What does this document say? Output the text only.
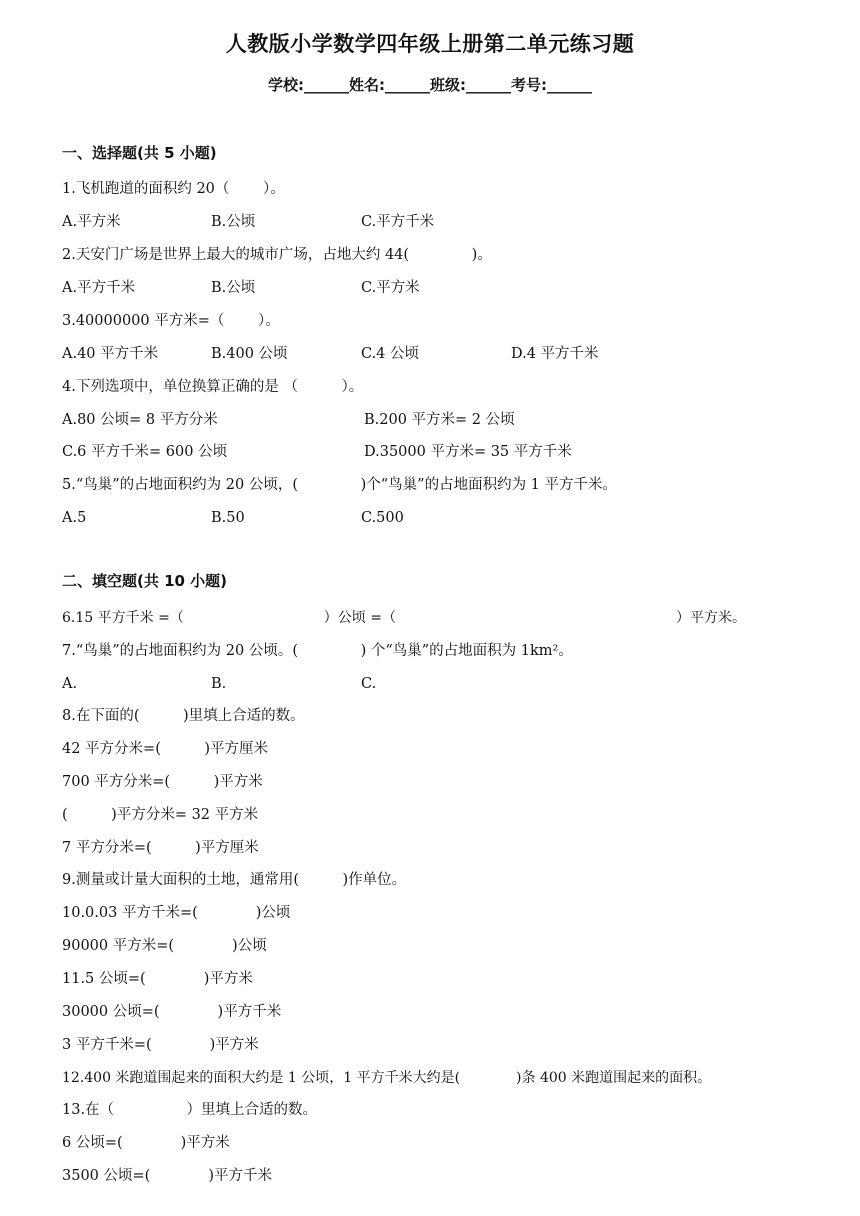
人教版小学数学四年级上册第二单元练习题
学校:______姓名:______班级:______考号:______
一、选择题(共 5 小题)
1.飞机跑道的面积约 20（　　 ）。
A.平方米	B.公顷	C.平方千米
2.天安门广场是世界上最大的城市广场，占地大约 44(　　　　 )。
A.平方千米	B.公顷	C.平方米
3.40000000 平方米=（　　 ）。
A.40 平方千米	B.400 公顷	C.4 公顷	D.4 平方千米
4.下列选项中，单位换算正确的是 （　　　）。
A.80 公顷= 8 平方分米	B.200 平方米= 2 公顷
C.6 平方千米= 600 公顷	D.35000 平方米= 35 平方千米
5.“鸟巢”的占地面积约为 20 公顷，(　　　　 )个“鸟巢”的占地面积约为 1 平方千米。
A.5	B.50	C.500
二、填空题(共 10 小题)
6.15 平方千米 =（　　　　　　　　　　）公顷 =（　　　　　　　　　　　　　　　　　　　　）平方米。
7.“鸟巢”的占地面积约为 20 公顷。(　　　　 ) 个“鸟巢”的占地面积为 1km²。
A.	B.	C.
8.在下面的(　　　)里填上合适的数。
42 平方分米=(　　　)平方厘米
700 平方分米=(　　　)平方米
(　　　)平方分米= 32 平方米
7 平方分米=(　　　)平方厘米
9.测量或计量大面积的土地，通常用(　　　)作单位。
10.0.03 平方千米=(　　　　)公顷
90000 平方米=(　　　　)公顷
11.5 公顷=(　　　　)平方米
30000 公顷=(　　　　)平方千米
3 平方千米=(　　　　)平方米
12.400 米跑道围起来的面积大约是 1 公顷，1 平方千米大约是(　　　　)条 400 米跑道围起来的面积。
13.在（　　　　　）里填上合适的数。
6 公顷=(　　　　)平方米
3500 公顷=(　　　　)平方千米
